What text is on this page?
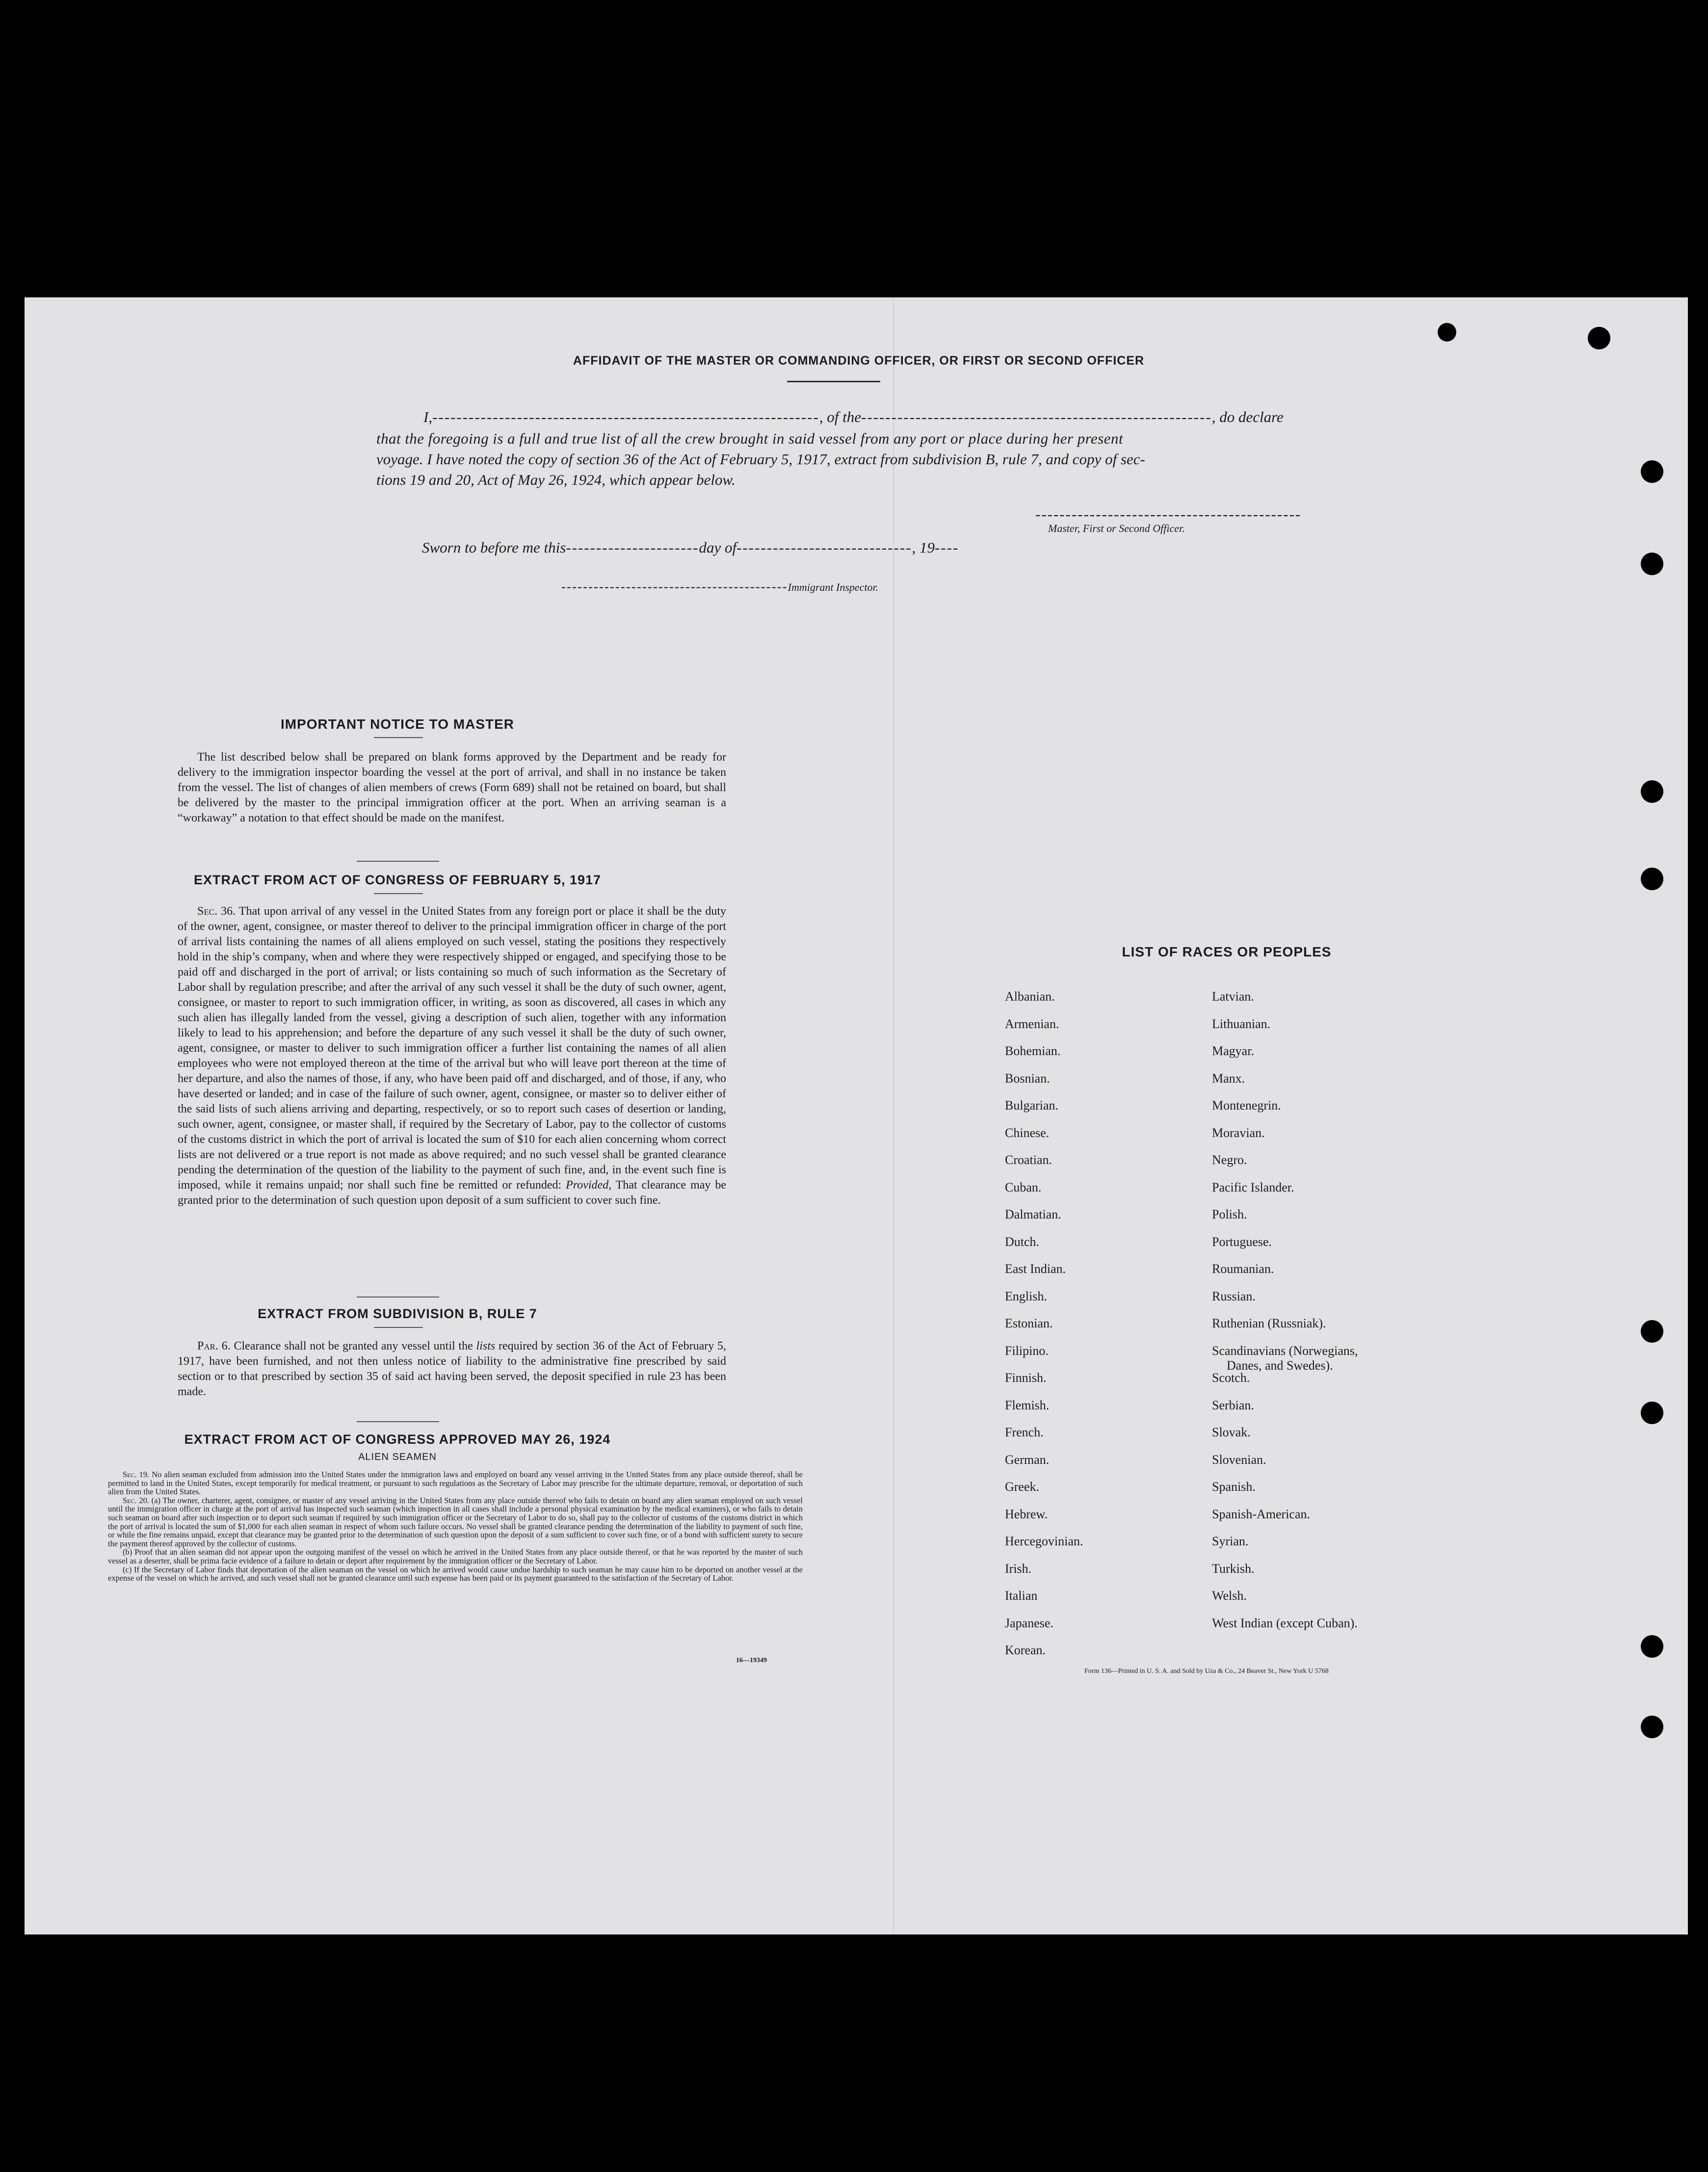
AFFIDAVIT OF THE MASTER OR COMMANDING OFFICER, OR FIRST OR SECOND OFFICER
I,----------------------------------------------------------------, of the----------------------------------------------------------, do declare
that the foregoing is a full and true list of all the crew brought in said vessel from any port or place during her present
voyage. I have noted the copy of section 36 of the Act of February 5, 1917, extract from subdivision B, rule 7, and copy of sec-
tions 19 and 20, Act of May 26, 1924, which appear below.
--------------------------------------------
Master, First or Second Officer.
Sworn to before me this----------------------day of-----------------------------, 19----
------------------------------------------Immigrant Inspector.
IMPORTANT NOTICE TO MASTER

The list described below shall be prepared on blank forms approved by the Department and be ready for delivery to the immigration inspector boarding the vessel at the port of arrival, and shall in no instance be taken from the vessel. The list of changes of alien members of crews (Form 689) shall not be retained on board, but shall be delivered by the master to the principal immigration officer at the port. When an arriving seaman is a “workaway” a notation to that effect should be made on the manifest.

EXTRACT FROM ACT OF CONGRESS OF FEBRUARY 5, 1917

Sec. 36. That upon arrival of any vessel in the United States from any foreign port or place it shall be the duty of the owner, agent, consignee, or master thereof to deliver to the principal immigration officer in charge of the port of arrival lists containing the names of all aliens employed on such vessel, stating the positions they respectively hold in the ship’s company, when and where they were respectively shipped or engaged, and specifying those to be paid off and discharged in the port of arrival; or lists containing so much of such information as the Secretary of Labor shall by regulation prescribe; and after the arrival of any such vessel it shall be the duty of such owner, agent, consignee, or master to report to such immigration officer, in writing, as soon as discovered, all cases in which any such alien has illegally landed from the vessel, giving a description of such alien, together with any information likely to lead to his apprehension; and before the departure of any such vessel it shall be the duty of such owner, agent, consignee, or master to deliver to such immigration officer a further list containing the names of all alien employees who were not employed thereon at the time of the arrival but who will leave port thereon at the time of her departure, and also the names of those, if any, who have been paid off and discharged, and of those, if any, who have deserted or landed; and in case of the failure of such owner, agent, consignee, or master so to deliver either of the said lists of such aliens arriving and departing, respectively, or so to report such cases of desertion or landing, such owner, agent, consignee, or master shall, if required by the Secretary of Labor, pay to the collector of customs of the customs district in which the port of arrival is located the sum of $10 for each alien concerning whom correct lists are not delivered or a true report is not made as above required; and no such vessel shall be granted clearance pending the determination of the question of the liability to the payment of such fine, and, in the event such fine is imposed, while it remains unpaid; nor shall such fine be remitted or refunded: Provided, That clearance may be granted prior to the determination of such question upon deposit of a sum sufficient to cover such fine.

EXTRACT FROM SUBDIVISION B, RULE 7

Par. 6. Clearance shall not be granted any vessel until the lists required by section 36 of the Act of February 5, 1917, have been furnished, and not then unless notice of liability to the administrative fine prescribed by said section or to that prescribed by section 35 of said act having been served, the deposit specified in rule 23 has been made.

EXTRACT FROM ACT OF CONGRESS APPROVED MAY 26, 1924
ALIEN SEAMEN

Sec. 19. No alien seaman excluded from admission into the United States under the immigration laws and employed on board any vessel arriving in the United States from any place outside thereof, shall be permitted to land in the United States, except temporarily for medical treatment, or pursuant to such regulations as the Secretary of Labor may prescribe for the ultimate departure, removal, or deportation of such alien from the United States.

Sec. 20. (a) The owner, charterer, agent, consignee, or master of any vessel arriving in the United States from any place outside thereof who fails to detain on board any alien seaman employed on such vessel until the immigration officer in charge at the port of arrival has inspected such seaman (which inspection in all cases shall include a personal physical examination by the medical examiners), or who fails to detain such seaman on board after such inspection or to deport such seaman if required by such immigration officer or the Secretary of Labor to do so, shall pay to the collector of customs of the customs district in which the port of arrival is located the sum of $1,000 for each alien seaman in respect of whom such failure occurs. No vessel shall be granted clearance pending the determination of the liability to payment of such fine, or while the fine remains unpaid, except that clearance may be granted prior to the determination of such question upon the deposit of a sum sufficient to cover such fine, or of a bond with sufficient surety to secure the payment thereof approved by the collector of customs.

(b) Proof that an alien seaman did not appear upon the outgoing manifest of the vessel on which he arrived in the United States from any place outside thereof, or that he was reported by the master of such vessel as a deserter, shall be prima facie evidence of a failure to detain or deport after requirement by the immigration officer or the Secretary of Labor.

(c) If the Secretary of Labor finds that deportation of the alien seaman on the vessel on which he arrived would cause undue hardship to such seaman he may cause him to be deported on another vessel at the expense of the vessel on which he arrived, and such vessel shall not be granted clearance until such expense has been paid or its payment guaranteed to the satisfaction of the Secretary of Labor.

16—19349
LIST OF RACES OR PEOPLES
Form 136—Printed in U. S. A. and Sold by Uza & Co., 24 Beaver St., New York U 5768
Albanian.
Armenian.
Bohemian.
Bosnian.
Bulgarian.
Chinese.
Croatian.
Cuban.
Dalmatian.
Dutch.
East Indian.
English.
Estonian.
Filipino.
Finnish.
Flemish.
French.
German.
Greek.
Hebrew.
Hercegovinian.
Irish.
Italian
Japanese.
Korean.
Latvian.
Lithuanian.
Magyar.
Manx.
Montenegrin.
Moravian.
Negro.
Pacific Islander.
Polish.
Portuguese.
Roumanian.
Russian.
Ruthenian (Russniak).
Scandinavians (Norwegians,
Danes, and Swedes).
Scotch.
Serbian.
Slovak.
Slovenian.
Spanish.
Spanish-American.
Syrian.
Turkish.
Welsh.
West Indian (except Cuban).
